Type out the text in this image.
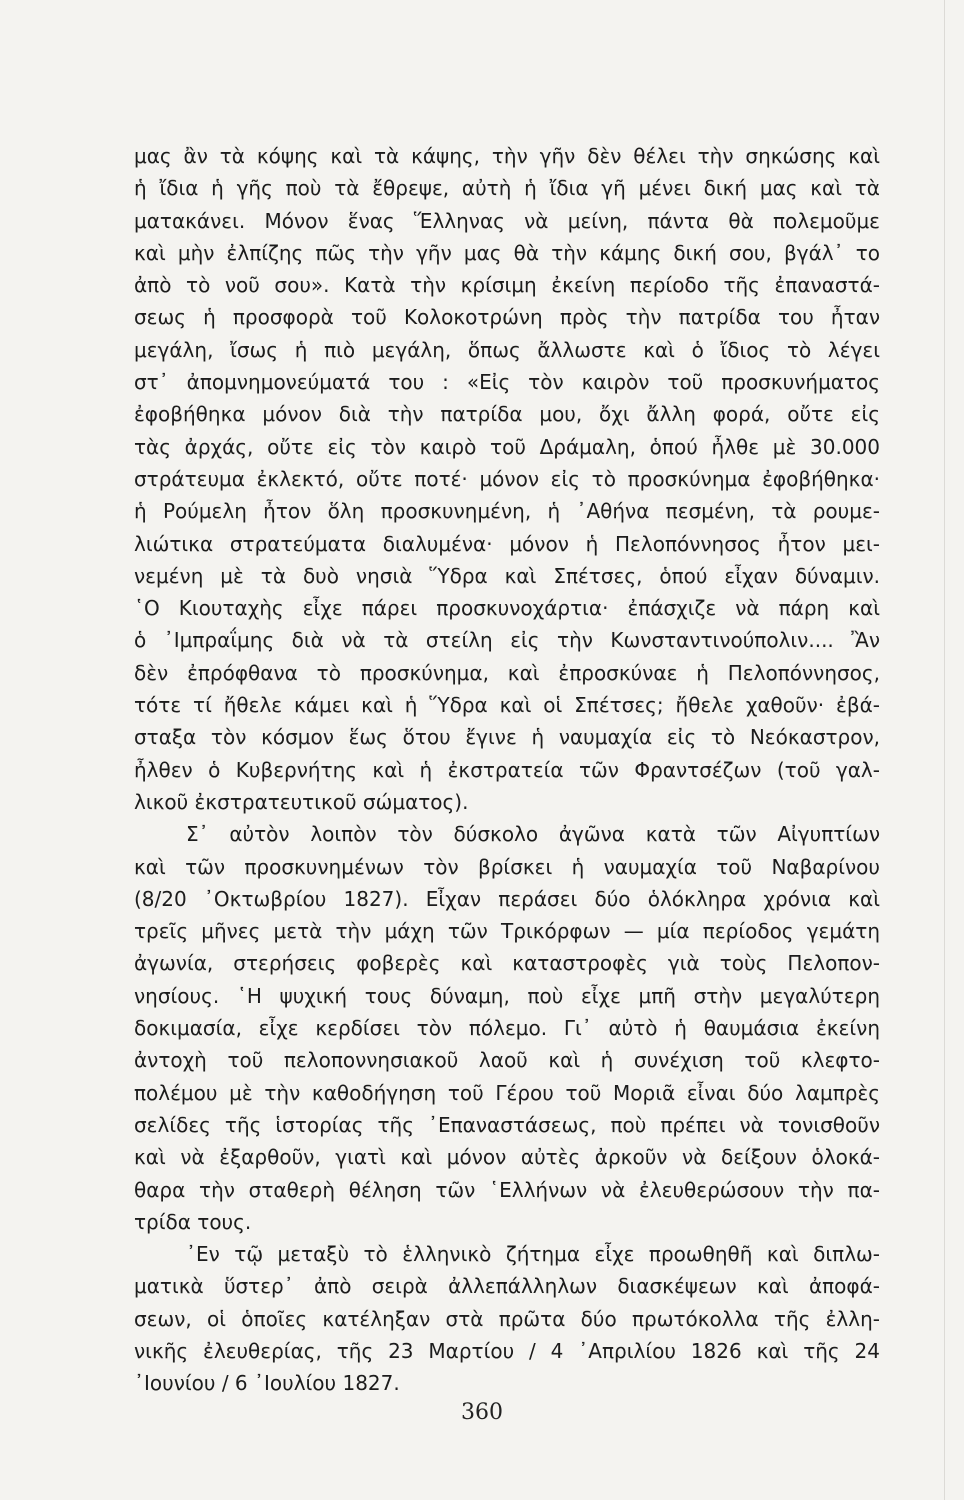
μας ἂν τὰ κόψης καὶ τὰ κάψης, τὴν γῆν δὲν θέλει τὴν σηκώσης καὶ
ἡ ἴδια ἡ γῆς ποὺ τὰ ἔθρεψε, αὐτὴ ἡ ἴδια γῆ μένει δική μας καὶ τὰ
ματακάνει. Μόνον ἕνας Ἕλληνας νὰ μείνη, πάντα θὰ πολεμοῦμε
καὶ μὴν ἐλπίζης πῶς τὴν γῆν μας θὰ τὴν κάμης δική σου, βγάλ᾽ το
ἀπὸ τὸ νοῦ σου». Κατὰ τὴν κρίσιμη ἐκείνη περίοδο τῆς ἐπαναστά-
σεως ἡ προσφορὰ τοῦ Κολοκοτρώνη πρὸς τὴν πατρίδα του ἦταν
μεγάλη, ἴσως ἡ πιὸ μεγάλη, ὅπως ἄλλωστε καὶ ὁ ἴδιος τὸ λέγει
στ᾽ ἀπομνημονεύματά του : «Εἰς τὸν καιρὸν τοῦ προσκυνήματος
ἐφοβήθηκα μόνον διὰ τὴν πατρίδα μου, ὄχι ἄλλη φορά, οὔτε εἰς
τὰς ἀρχάς, οὔτε εἰς τὸν καιρὸ τοῦ Δράμαλη, ὁπού ἦλθε μὲ 30.000
στράτευμα ἐκλεκτό, οὔτε ποτέ· μόνον εἰς τὸ προσκύνημα ἐφοβήθηκα·
ἡ Ρούμελη ἦτον ὅλη προσκυνημένη, ἡ ᾽Αθήνα πεσμένη, τὰ ρουμε-
λιώτικα στρατεύματα διαλυμένα· μόνον ἡ Πελοπόννησος ἦτον μει-
νεμένη μὲ τὰ δυὸ νησιὰ Ὕδρα καὶ Σπέτσες, ὁπού εἶχαν δύναμιν.
῾Ο Κιουταχὴς εἶχε πάρει προσκυνοχάρτια· ἐπάσχιζε νὰ πάρη καὶ
ὁ ᾽Ιμπραΐμης διὰ νὰ τὰ στείλη εἰς τὴν Κωνσταντινούπολιν.... Ἂν
δὲν ἐπρόφθανα τὸ προσκύνημα, καὶ ἐπροσκύναε ἡ Πελοπόννησος,
τότε τί ἤθελε κάμει καὶ ἡ Ὕδρα καὶ οἱ Σπέτσες; ἤθελε χαθοῦν· ἐβά-
σταξα τὸν κόσμον ἕως ὅτου ἔγινε ἡ ναυμαχία εἰς τὸ Νεόκαστρον,
ἦλθεν ὁ Κυβερνήτης καὶ ἡ ἐκστρατεία τῶν Φραντσέζων (τοῦ γαλ-
λικοῦ ἐκστρατευτικοῦ σώματος).
Σ᾽ αὐτὸν λοιπὸν τὸν δύσκολο ἀγῶνα κατὰ τῶν Αἰγυπτίων
καὶ τῶν προσκυνημένων τὸν βρίσκει ἡ ναυμαχία τοῦ Ναβαρίνου
(8/20 ᾽Οκτωβρίου 1827). Εἶχαν περάσει δύο ὁλόκληρα χρόνια καὶ
τρεῖς μῆνες μετὰ τὴν μάχη τῶν Τρικόρφων — μία περίοδος γεμάτη
ἀγωνία, στερήσεις φοβερὲς καὶ καταστροφὲς γιὰ τοὺς Πελοπον-
νησίους. ῾Η ψυχική τους δύναμη, ποὺ εἶχε μπῆ στὴν μεγαλύτερη
δοκιμασία, εἶχε κερδίσει τὸν πόλεμο. Γι᾽ αὐτὸ ἡ θαυμάσια ἐκείνη
ἀντοχὴ τοῦ πελοποννησιακοῦ λαοῦ καὶ ἡ συνέχιση τοῦ κλεφτο-
πολέμου μὲ τὴν καθοδήγηση τοῦ Γέρου τοῦ Μοριᾶ εἶναι δύο λαμπρὲς
σελίδες τῆς ἱστορίας τῆς ᾽Επαναστάσεως, ποὺ πρέπει νὰ τονισθοῦν
καὶ νὰ ἐξαρθοῦν, γιατὶ καὶ μόνον αὐτὲς ἀρκοῦν νὰ δείξουν ὁλοκά-
θαρα τὴν σταθερὴ θέληση τῶν ῾Ελλήνων νὰ ἐλευθερώσουν τὴν πα-
τρίδα τους.
᾽Εν τῷ μεταξὺ τὸ ἑλληνικὸ ζήτημα εἶχε προωθηθῆ καὶ διπλω-
ματικὰ ὕστερ᾽ ἀπὸ σειρὰ ἀλλεπάλληλων διασκέψεων καὶ ἀποφά-
σεων, οἱ ὁποῖες κατέληξαν στὰ πρῶτα δύο πρωτόκολλα τῆς ἐλλη-
νικῆς ἐλευθερίας, τῆς 23 Μαρτίου / 4 ᾽Απριλίου 1826 καὶ τῆς 24
᾽Ιουνίου / 6 ᾽Ιουλίου 1827.
360
